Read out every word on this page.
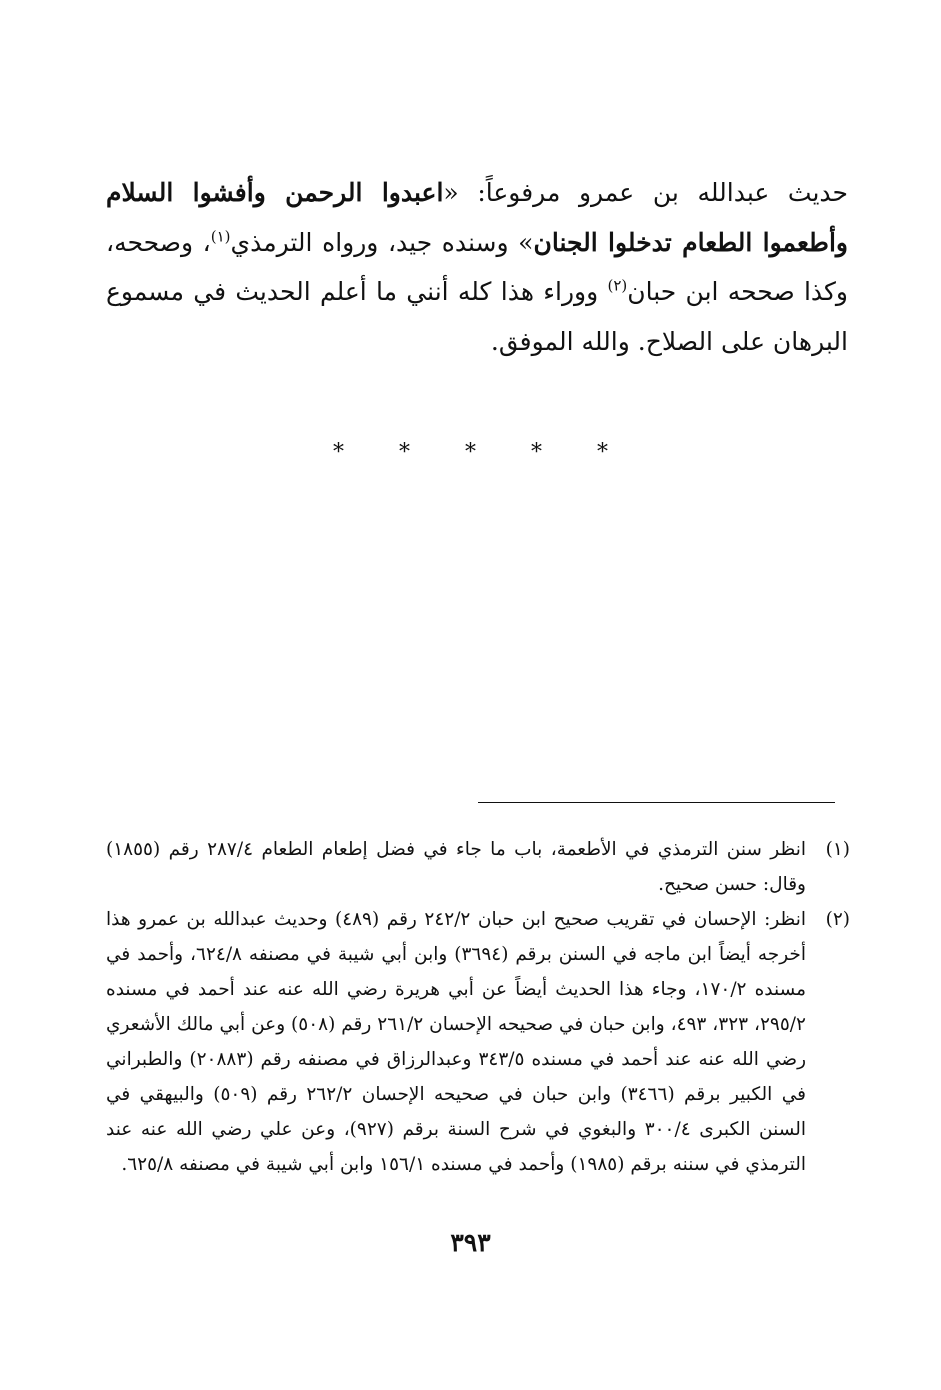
حديث عبدالله بن عمرو مرفوعاً: «اعبدوا الرحمن وأفشوا السلام وأطعموا الطعام تدخلوا الجنان» وسنده جيد، ورواه الترمذي$^{(١)}$، وصححه، وكذا صححه ابن حبان$^{(٢)}$ ووراء هذا كله أنني ما أعلم الحديث في مسموع البرهان على الصلاح. والله الموفق.
* * * * *
(١)
انظر سنن الترمذي في الأطعمة، باب ما جاء في فضل إطعام الطعام ٢٨٧/٤ رقم (١٨٥٥) وقال: حسن صحيح.
(٢)
انظر: الإحسان في تقريب صحيح ابن حبان ٢٤٢/٢ رقم (٤٨٩) وحديث عبدالله بن عمرو هذا أخرجه أيضاً ابن ماجه في السنن برقم (٣٦٩٤) وابن أبي شيبة في مصنفه ٦٢٤/٨، وأحمد في مسنده ١٧٠/٢، وجاء هذا الحديث أيضاً عن أبي هريرة رضي الله عنه عند أحمد في مسنده ٢٩٥/٢، ٣٢٣، ٤٩٣، وابن حبان في صحيحه الإحسان ٢٦١/٢ رقم (٥٠٨) وعن أبي مالك الأشعري رضي الله عنه عند أحمد في مسنده ٣٤٣/٥ وعبدالرزاق في مصنفه رقم (٢٠٨٨٣) والطبراني في الكبير برقم (٣٤٦٦) وابن حبان في صحيحه الإحسان ٢٦٢/٢ رقم (٥٠٩) والبيهقي في السنن الكبرى ٣٠٠/٤ والبغوي في شرح السنة برقم (٩٢٧)، وعن علي رضي الله عنه عند الترمذي في سننه برقم (١٩٨٥) وأحمد في مسنده ١٥٦/١ وابن أبي شيبة في مصنفه ٦٢٥/٨.
٣٩٣
